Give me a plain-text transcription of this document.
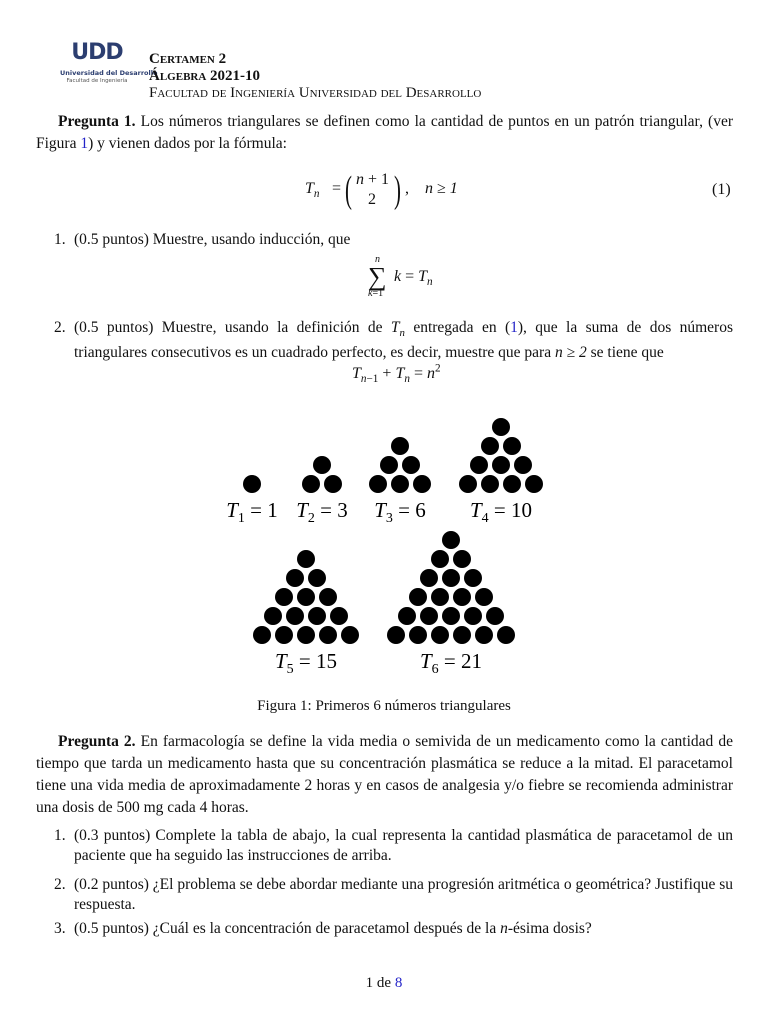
UDD
Universidad del Desarrollo
Facultad de Ingeniería
Certamen 2
Álgebra 2021-10
Facultad de Ingeniería Universidad del Desarrollo
Pregunta 1. Los números triangulares se definen como la cantidad de puntos en un patrón triangular, (ver Figura 1) y vienen dados por la fórmula:
$T_n$ = ( n + 1
2 ) , n ≥ 1	(1)
1. (0.5 puntos) Muestre, usando inducción, que
n
∑
k=1
$k = T_n$
2. (0.5 puntos) Muestre, usando la definición de $T_n$ entregada en (1), que la suma de dos números triangulares consecutivos es un cuadrado perfecto, es decir, muestre que para n ≥ 2 se tiene que
$T_{n-1} + T_n = n^2$
$T_1 = 1$ $T_2 = 3$ $T_3 = 6$ $T_4 = 10$
$T_5 = 15$	$T_6 = 21$
Figura 1: Primeros 6 números triangulares
Pregunta 2. En farmacología se define la vida media o semivida de un medicamento como la cantidad de tiempo que tarda un medicamento hasta que su concentración plasmática se reduce a la mitad. El paracetamol tiene una vida media de aproximadamente 2 horas y en casos de analgesia y/o fiebre se recomienda administrar una dosis de 500 mg cada 4 horas.
1. (0.3 puntos) Complete la tabla de abajo, la cual representa la cantidad plasmática de paracetamol de un paciente que ha seguido las instrucciones de arriba.
2. (0.2 puntos) ¿El problema se debe abordar mediante una progresión aritmética o geométrica? Justifique su respuesta.
3. (0.5 puntos) ¿Cuál es la concentración de paracetamol después de la n-ésima dosis?
1 de 8
